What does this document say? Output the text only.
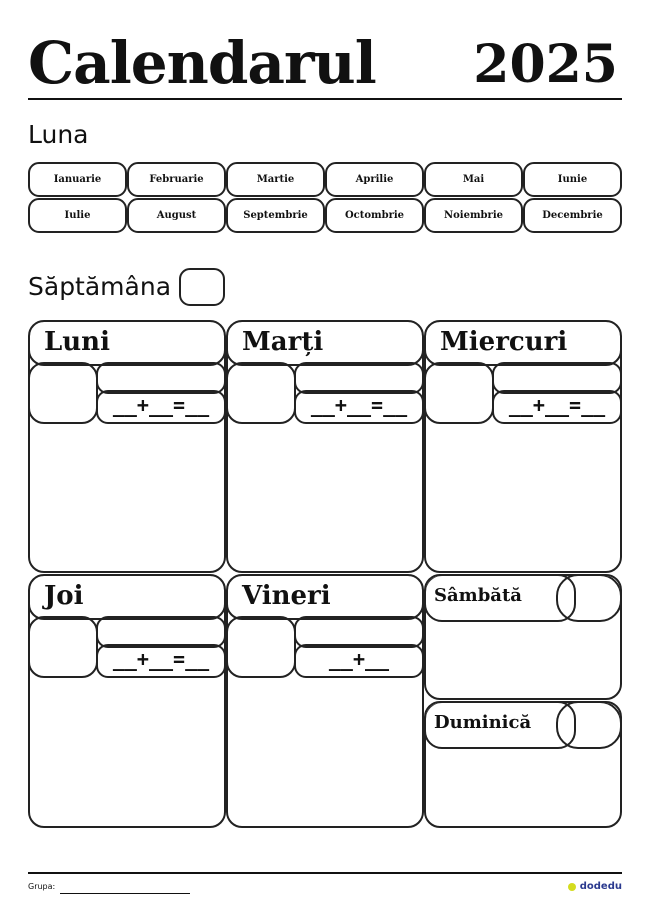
Calendarul 2025
Luna
Ianuarie	Februarie	Martie	Aprilie	Mai	Iunie
Iulie	August	Septembrie	Octombrie	Noiembrie	Decembrie
Săptămâna
Luni
__+__=__
Marți
__+__=__
Miercuri
__+__=__
Joi
__+__=__
Vineri
__+__
Sâmbătă
Duminică
Grupa:	dodedu
